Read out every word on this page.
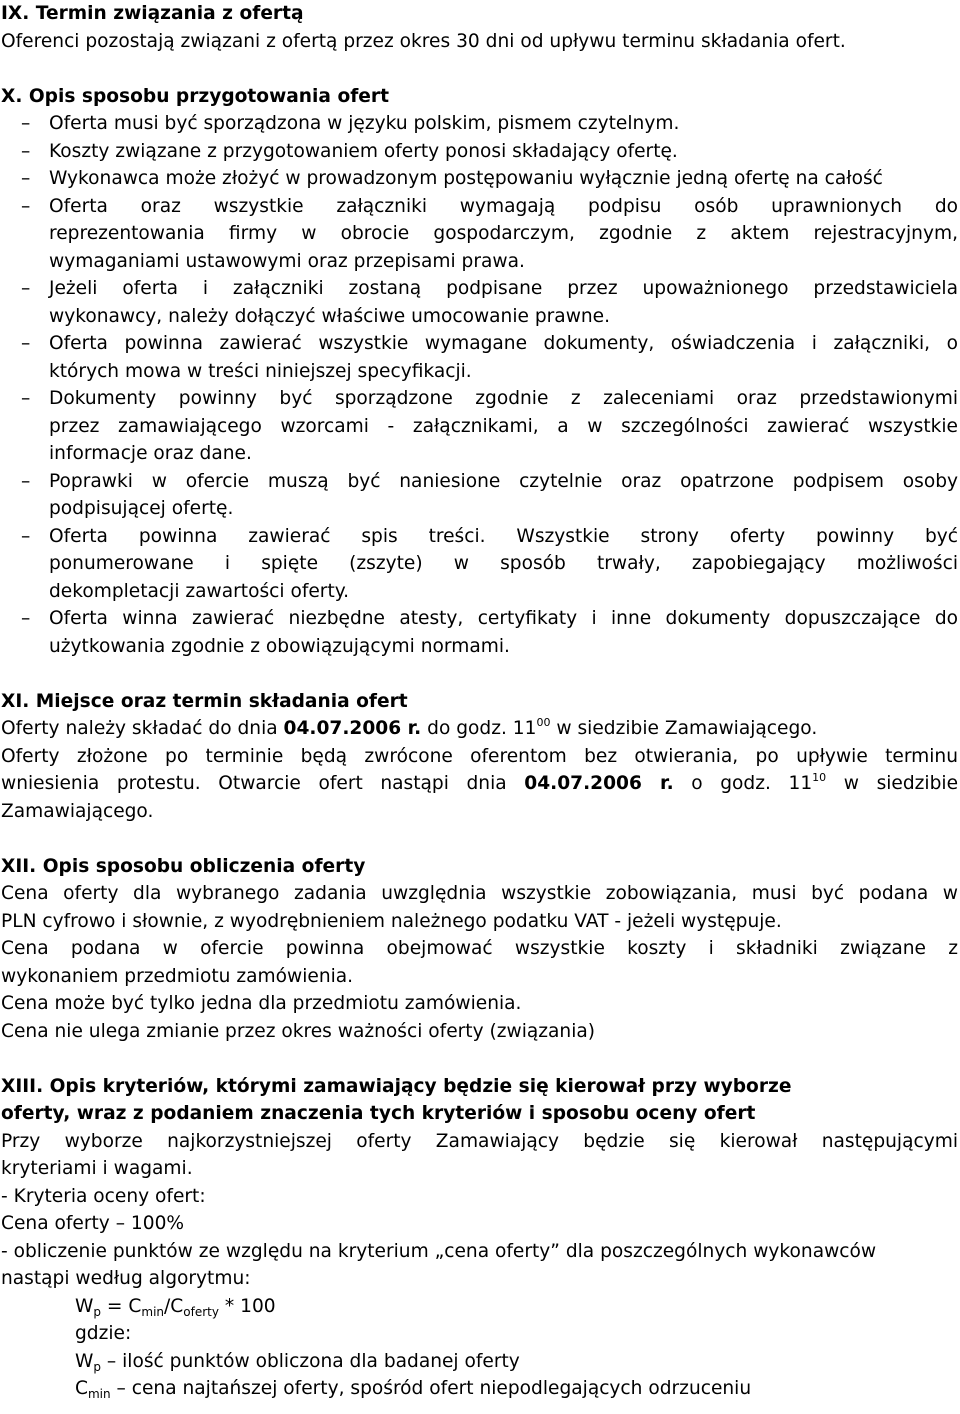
IX. Termin związania z ofertą
Oferenci pozostają związani z ofertą przez okres 30 dni od upływu terminu składania ofert.
X. Opis sposobu przygotowania ofert
– Oferta musi być sporządzona w języku polskim, pismem czytelnym.
– Koszty związane z przygotowaniem oferty ponosi składający ofertę.
– Wykonawca może złożyć w prowadzonym postępowaniu wyłącznie jedną ofertę na całość
– Oferta oraz wszystkie załączniki wymagają podpisu osób uprawnionych do
reprezentowania firmy w obrocie gospodarczym, zgodnie z aktem rejestracyjnym,
wymaganiami ustawowymi oraz przepisami prawa.
– Jeżeli oferta i załączniki zostaną podpisane przez upoważnionego przedstawiciela
wykonawcy, należy dołączyć właściwe umocowanie prawne.
– Oferta powinna zawierać wszystkie wymagane dokumenty, oświadczenia i załączniki, o
których mowa w treści niniejszej specyfikacji.
– Dokumenty powinny być sporządzone zgodnie z zaleceniami oraz przedstawionymi
przez zamawiającego wzorcami - załącznikami, a w szczególności zawierać wszystkie
informacje oraz dane.
– Poprawki w ofercie muszą być naniesione czytelnie oraz opatrzone podpisem osoby
podpisującej ofertę.
– Oferta powinna zawierać spis treści. Wszystkie strony oferty powinny być
ponumerowane i spięte (zszyte) w sposób trwały, zapobiegający możliwości
dekompletacji zawartości oferty.
– Oferta winna zawierać niezbędne atesty, certyfikaty i inne dokumenty dopuszczające do
użytkowania zgodnie z obowiązującymi normami.
XI. Miejsce oraz termin składania ofert
Oferty należy składać do dnia 04.07.2006 r. do godz. $11^{00}$ w siedzibie Zamawiającego.
Oferty złożone po terminie będą zwrócone oferentom bez otwierania, po upływie terminu
wniesienia protestu. Otwarcie ofert nastąpi dnia 04.07.2006 r. o godz. $11^{10}$ w siedzibie
Zamawiającego.
XII. Opis sposobu obliczenia oferty
Cena oferty dla wybranego zadania uwzględnia wszystkie zobowiązania, musi być podana w
PLN cyfrowo i słownie, z wyodrębnieniem należnego podatku VAT - jeżeli występuje.
Cena podana w ofercie powinna obejmować wszystkie koszty i składniki związane z
wykonaniem przedmiotu zamówienia.
Cena może być tylko jedna dla przedmiotu zamówienia.
Cena nie ulega zmianie przez okres ważności oferty (związania)
XIII. Opis kryteriów, którymi zamawiający będzie się kierował przy wyborze
oferty, wraz z podaniem znaczenia tych kryteriów i sposobu oceny ofert
Przy wyborze najkorzystniejszej oferty Zamawiający będzie się kierował następującymi
kryteriami i wagami.
- Kryteria oceny ofert:
Cena oferty – 100%
- obliczenie punktów ze względu na kryterium „cena oferty” dla poszczególnych wykonawców
nastąpi według algorytmu:
$W_p = C_{min}/C_{oferty} * 100$
gdzie:
$W_p$ – ilość punktów obliczona dla badanej oferty
$C_{min}$ – cena najtańszej oferty, spośród ofert niepodlegających odrzuceniu
